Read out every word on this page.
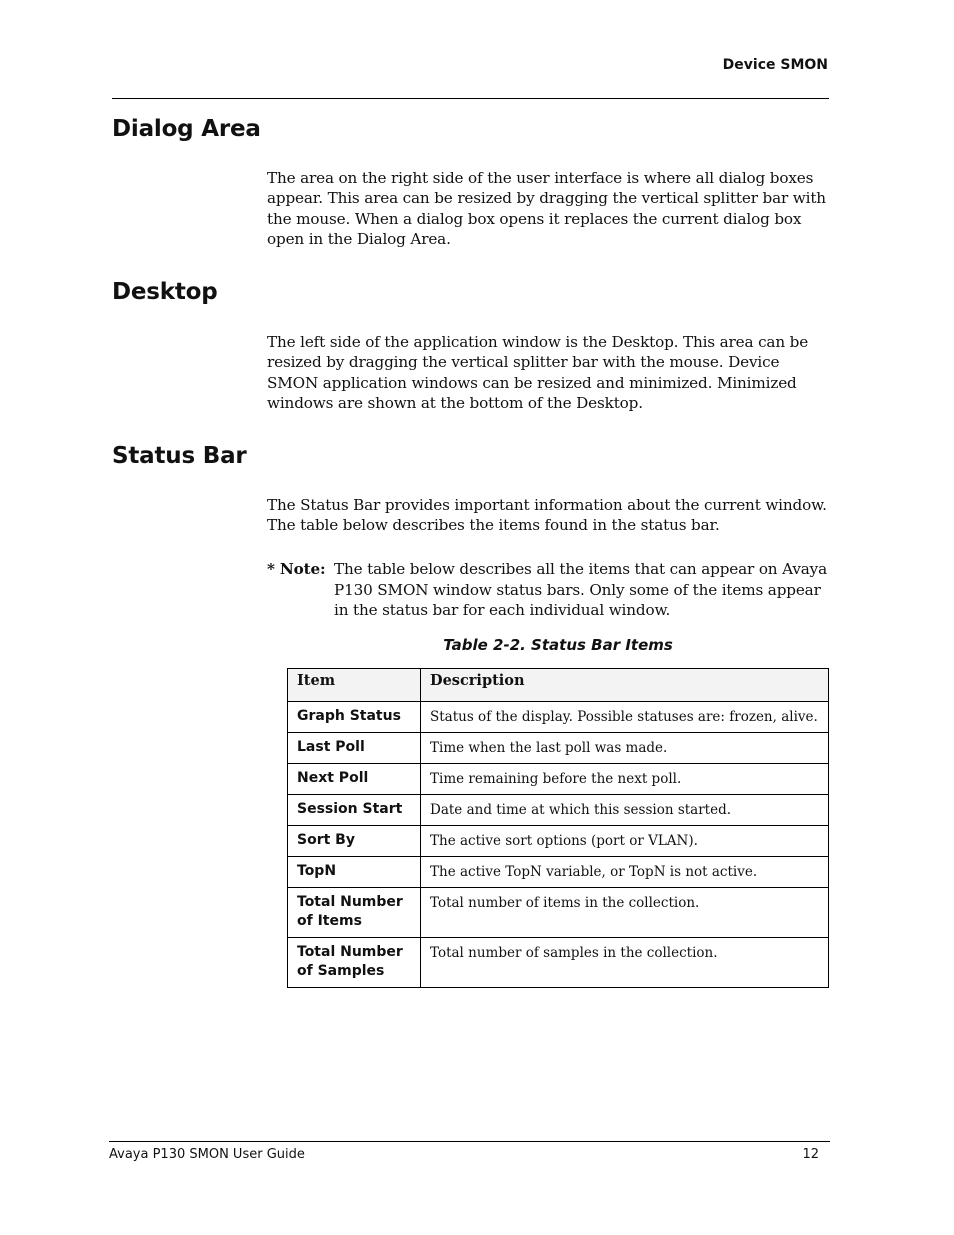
Device SMON
Dialog Area

The area on the right side of the user interface is where all dialog boxes appear. This area can be resized by dragging the vertical splitter bar with the mouse. When a dialog box opens it replaces the current dialog box open in the Dialog Area.

Desktop

The left side of the application window is the Desktop. This area can be resized by dragging the vertical splitter bar with the mouse. Device SMON application windows can be resized and minimized. Minimized windows are shown at the bottom of the Desktop.

Status Bar

The Status Bar provides important information about the current window. The table below describes the items found in the status bar.

* Note: The table below describes all the items that can appear on Avaya P130 SMON window status bars. Only some of the items appear in the status bar for each individual window.
Table 2-2. Status Bar Items
Item	Description
Graph Status	Status of the display. Possible statuses are: frozen, alive.
Last Poll	Time when the last poll was made.
Next Poll	Time remaining before the next poll.
Session Start	Date and time at which this session started.
Sort By	The active sort options (port or VLAN).
TopN	The active TopN variable, or TopN is not active.
Total Number of Items	Total number of items in the collection.
Total Number of Samples	Total number of samples in the collection.
Avaya P130 SMON User Guide	12
